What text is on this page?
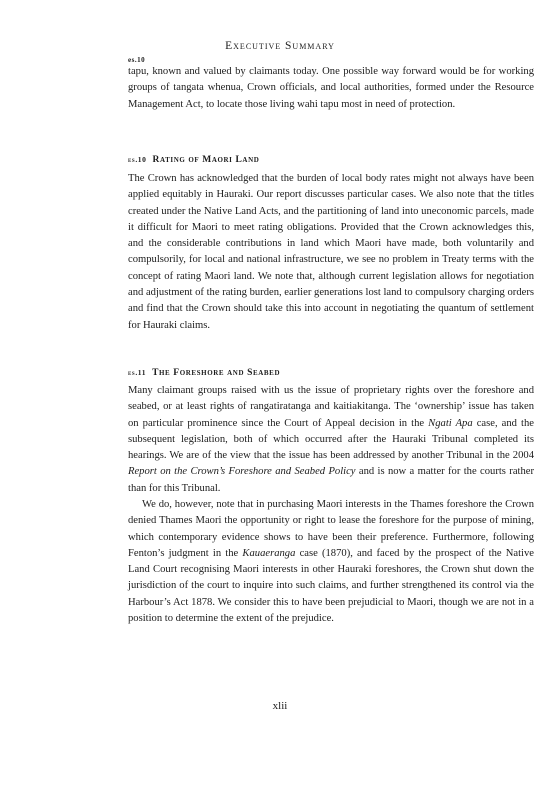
Executive Summary
es.10

tapu, known and valued by claimants today. One possible way forward would be for working groups of tangata whenua, Crown officials, and local authorities, formed under the Resource Management Act, to locate those living wahi tapu most in need of protection.

es.10 Rating of Maori Land

The Crown has acknowledged that the burden of local body rates might not always have been applied equitably in Hauraki. Our report discusses particular cases. We also note that the titles created under the Native Land Acts, and the partitioning of land into uneconomic parcels, made it difficult for Maori to meet rating obligations. Provided that the Crown acknowledges this, and the considerable contributions in land which Maori have made, both voluntarily and compulsorily, for local and national infrastructure, we see no problem in Treaty terms with the concept of rating Maori land. We note that, although current legislation allows for negotiation and adjustment of the rating burden, earlier generations lost land to compulsory charging orders and find that the Crown should take this into account in negotiating the quantum of settlement for Hauraki claims.

es.11 The Foreshore and Seabed

Many claimant groups raised with us the issue of proprietary rights over the foreshore and seabed, or at least rights of rangatiratanga and kaitiakitanga. The ‘ownership’ issue has taken on particular prominence since the Court of Appeal decision in the Ngati Apa case, and the subsequent legislation, both of which occurred after the Hauraki Tribunal completed its hearings. We are of the view that the issue has been addressed by another Tribunal in the 2004 Report on the Crown’s Foreshore and Seabed Policy and is now a matter for the courts rather than for this Tribunal.

We do, however, note that in purchasing Maori interests in the Thames foreshore the Crown denied Thames Maori the opportunity or right to lease the foreshore for the purpose of mining, which contemporary evidence shows to have been their preference. Furthermore, following Fenton’s judgment in the Kauaeranga case (1870), and faced by the prospect of the Native Land Court recognising Maori interests in other Hauraki foreshores, the Crown shut down the jurisdiction of the court to inquire into such claims, and further strengthened its control via the Harbour’s Act 1878. We consider this to have been prejudicial to Maori, though we are not in a position to determine the extent of the prejudice.

xlii
